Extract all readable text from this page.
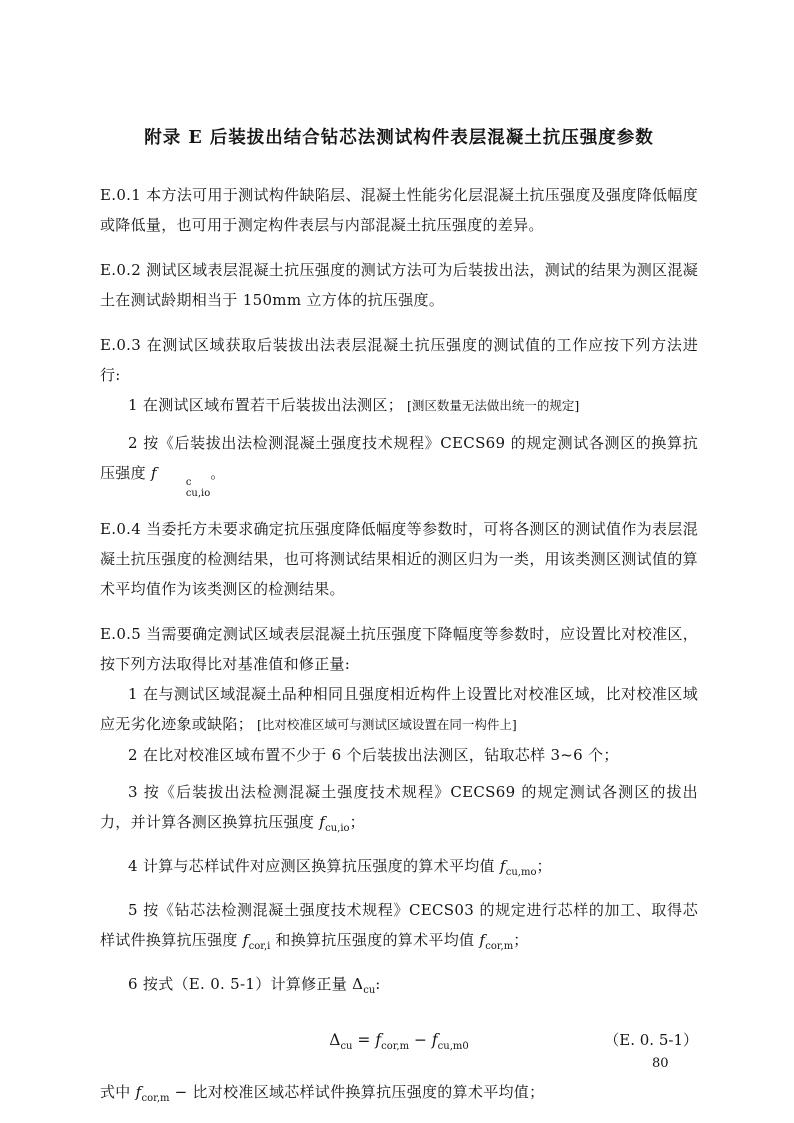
附录 E 后装拔出结合钻芯法测试构件表层混凝土抗压强度参数

E.0.1 本方法可用于测试构件缺陷层、混凝土性能劣化层混凝土抗压强度及强度降低幅度或降低量，也可用于测定构件表层与内部混凝土抗压强度的差异。

E.0.2 测试区域表层混凝土抗压强度的测试方法可为后装拔出法，测试的结果为测区混凝土在测试龄期相当于 150mm 立方体的抗压强度。

E.0.3 在测试区域获取后装拔出法表层混凝土抗压强度的测试值的工作应按下列方法进行:

1 在测试区域布置若干后装拔出法测区； [测区数量无法做出统一的规定]

2 按《后装拔出法检测混凝土强度技术规程》CECS69 的规定测试各测区的换算抗压强度 f
c
cu,io
。

E.0.4 当委托方未要求确定抗压强度降低幅度等参数时，可将各测区的测试值作为表层混凝土抗压强度的检测结果，也可将测试结果相近的测区归为一类，用该类测区测试值的算术平均值作为该类测区的检测结果。

E.0.5 当需要确定测试区域表层混凝土抗压强度下降幅度等参数时，应设置比对校准区，按下列方法取得比对基准值和修正量:

1 在与测试区域混凝土品种相同且强度相近构件上设置比对校准区域，比对校准区域应无劣化迹象或缺陷； [比对校准区域可与测试区域设置在同一构件上]

2 在比对校准区域布置不少于 6 个后装拔出法测区，钻取芯样 3~6 个；

3 按《后装拔出法检测混凝土强度技术规程》CECS69 的规定测试各测区的拔出力，并计算各测区换算抗压强度 $f_{cu,io}$；

4 计算与芯样试件对应测区换算抗压强度的算术平均值 $f_{cu,mo}$；

5 按《钻芯法检测混凝土强度技术规程》CECS03 的规定进行芯样的加工、取得芯样试件换算抗压强度 $f_{cor,i}$ 和换算抗压强度的算术平均值 $f_{cor,m}$；

6 按式（E. 0. 5-1）计算修正量 $\Delta_{cu}$:

$\Delta_{cu} = f_{cor,m} - f_{cu,m0}$	（E. 0. 5-1）

式中 $f_{cor,m}$ − 比对校准区域芯样试件换算抗压强度的算术平均值；

80
